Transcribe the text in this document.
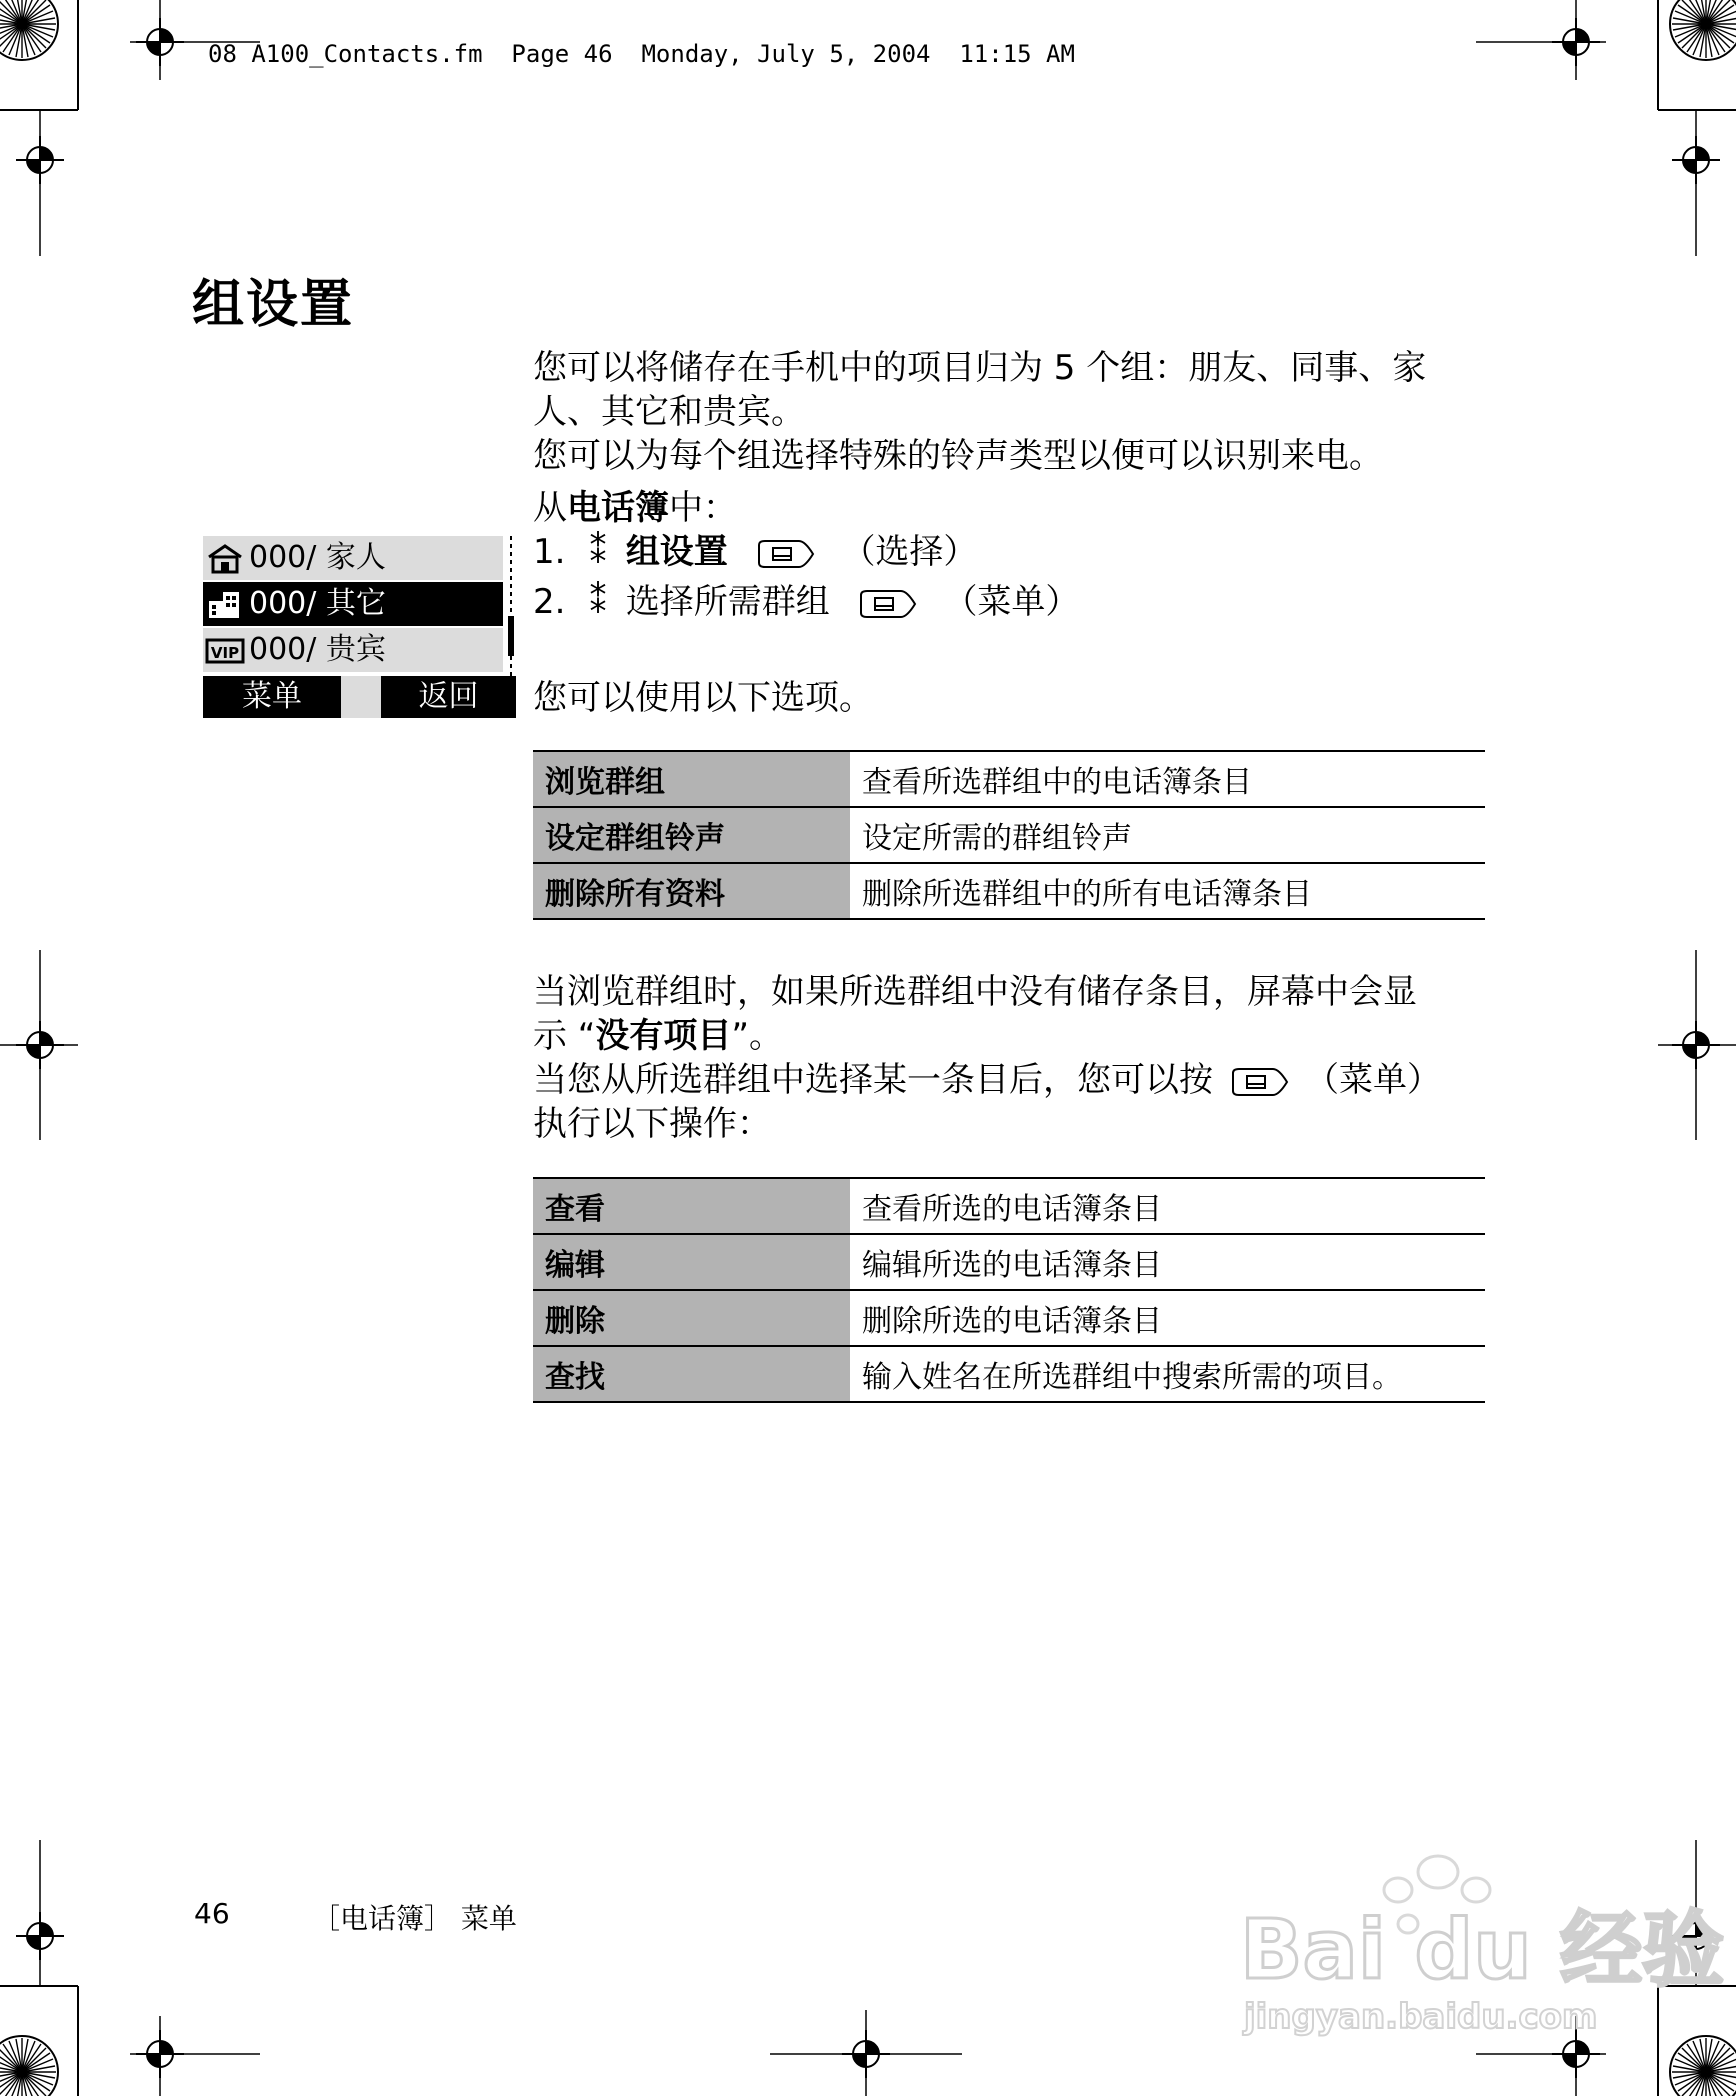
08 A100_Contacts.fm  Page 46  Monday, July 5, 2004  11:15 AM
组设置
您可以将储存在手机中的项目归为 5 个组：朋友、同事、家
人、其它和贵宾。
您可以为每个组选择特殊的铃声类型以便可以识别来电。
从电话簿中：
1. ⁑ 组设置	（选择）
2. ⁑ 选择所需群组	（菜单）
000/ 家人
000/ 其它
VIP 000/ 贵宾
菜单	返回	您可以使用以下选项。
浏览群组	查看所选群组中的电话簿条目
设定群组铃声	设定所需的群组铃声
删除所有资料	删除所选群组中的所有电话簿条目
当浏览群组时，如果所选群组中没有储存条目，屏幕中会显
示 “没有项目”。
当您从所选群组中选择某一条目后，您可以按	（菜单）
执行以下操作：
查看	查看所选的电话簿条目
编辑	编辑所选的电话簿条目
删除	删除所选的电话簿条目
查找	输入姓名在所选群组中搜索所需的项目。
46	［电话簿］ 菜单	Bai du 经验
jingyan.baidu.com
